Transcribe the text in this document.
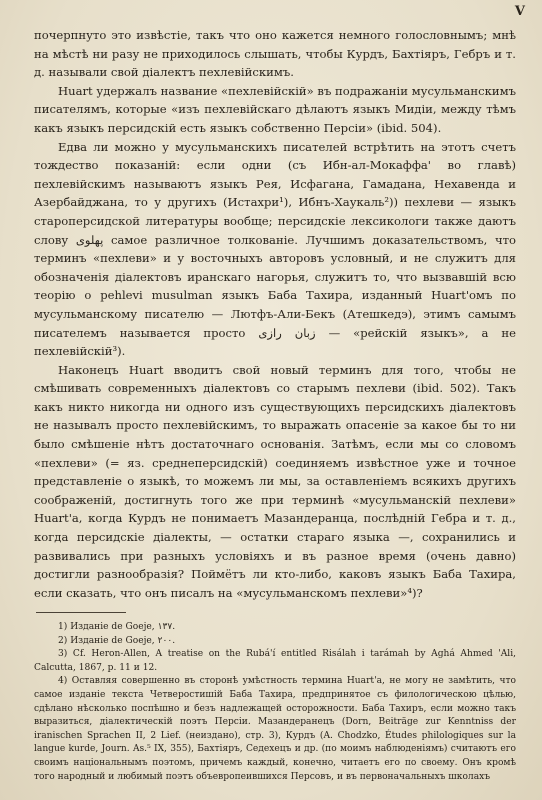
V

почерпнуто это извѣстіе, такъ что оно кажется немного голословнымъ; мнѣ на мѣстѣ ни разу не приходилось слышать, чтобы Курдъ, Бахтіяръ, Гебръ и т. д. называли свой діалектъ пехлевійскимъ.

Huart удержалъ название «пехлевійскій» въ подражаніи мусульманскимъ писателямъ, которые «изъ пехлевійскаго дѣлаютъ языкъ Мидіи, между тѣмъ какъ языкъ персидскій есть языкъ собственно Персіи» (ibid. 504).

Едва ли можно у мусульманскихъ писателей встрѣтить на этотъ счетъ тождество показаній: если одни (съ Ибн-ал-Мокаффа' во главѣ) пехлевійскимъ называютъ языкъ Рея, Исфагана, Гамадана, Нехавенда и Азербайджана, то у другихъ (Истахри¹), Ибнъ-Хаукаль²)) пехлеви — языкъ староперсидской литературы вообще; персидскіе лексикологи также даютъ слову پهلوی самое различное толкованіе. Лучшимъ доказательствомъ, что терминъ «пехлеви» и у восточныхъ авторовъ условный, и не служитъ для обозначенія діалектовъ иранскаго нагорья, служитъ то, что вызвавшій всю теорію о pehlevi musulman языкъ Баба Тахира, изданный Huart'омъ по мусульманскому писателю — Лютфъ-Али-Бекъ (Атешкедэ), этимъ самымъ писателемъ называется просто زبان رازی — «рейскій языкъ», а не пехлевійскій³).

Наконецъ Huart вводитъ свой новый терминъ для того, чтобы не смѣшивать современныхъ діалектовъ со старымъ пехлеви (ibid. 502). Такъ какъ никто никогда ни одного изъ существующихъ персидскихъ діалектовъ не называлъ просто пехлевійскимъ, то выражать опасеніе за какое бы то ни было смѣшеніе нѣтъ достаточнаго основанія. Затѣмъ, если мы со словомъ «пехлеви» (= яз. среднеперсидскій) соединяемъ извѣстное уже и точное представленіе о языкѣ, то можемъ ли мы, за оставленіемъ всякихъ другихъ соображеній, достигнуть того же при терминѣ «мусульманскій пехлеви» Huart'а, когда Курдъ не понимаетъ Мазандеранца, послѣдній Гебра и т. д., когда персидскіе діалекты, — остатки стараго языка —, сохранились и развивались при разныхъ условіяхъ и въ разное время (очень давно) достигли разнообразія? Поймётъ ли кто-либо, каковъ языкъ Баба Тахира, если сказать, что онъ писалъ на «мусульманскомъ пехлеви»⁴)?

1) Изданіе de Goeje, ۱۳۷.

2) Изданіе de Goeje, ۲۰۰.

3) Cf. Heron-Allen, A treatise on the Rubá'í entitled Risálah i tarámah by Aghá Ahmed 'Ali, Calcutta, 1867, p. 11 и 12.

4) Оставляя совершенно въ сторонѣ умѣстность термина Huart'а, не могу не замѣтить, что самое изданіе текста Четверостишій Баба Тахира, предпринятое съ филологическою цѣлью, сдѣлано нѣсколько поспѣшно и безъ надлежащей осторожности. Баба Тахиръ, если можно такъ выразиться, діалектическій поэтъ Персіи. Мазандеранецъ (Dorn, Beiträge zur Kenntniss der iranischen Sprachen II, 2 Lief. (неиздано), стр. 3), Курдъ (A. Chodzko, Études philologiques sur la langue kurde, Journ. As.⁵ IX, 355), Бахтіяръ, Седехецъ и др. (по моимъ наблюденіямъ) считаютъ его своимъ національнымъ поэтомъ, причемъ каждый, конечно, читаетъ его по своему. Онъ кромѣ того народный и любимый поэтъ объевропеившихся Персовъ, и въ первоначальныхъ школахъ
